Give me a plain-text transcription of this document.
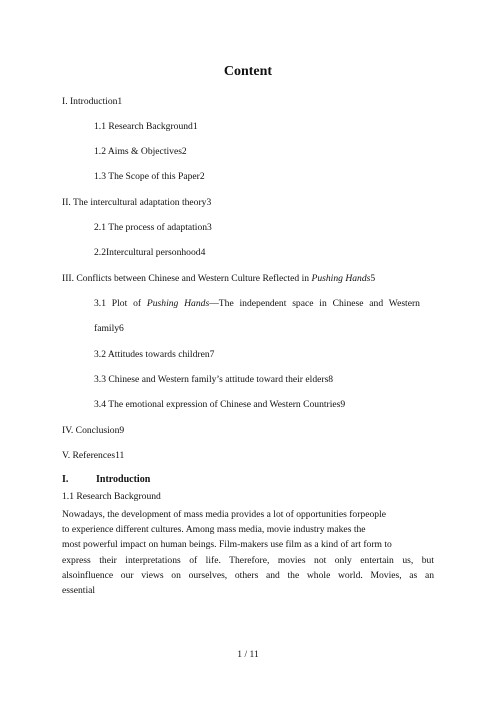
Content
I. Introduction1
1.1 Research Background1
1.2 Aims & Objectives2
1.3 The Scope of this Paper2
II. The intercultural adaptation theory3
2.1 The process of adaptation3
2.2Intercultural personhood4
III. Conflicts between Chinese and Western Culture Reflected in Pushing Hands5
3.1 Plot of Pushing Hands—The independent space in Chinese and Western
family6
3.2 Attitudes towards children7
3.3 Chinese and Western family’s attitude toward their elders8
3.4 The emotional expression of Chinese and Western Countries9
IV. Conclusion9
V. References11
I.	Introduction
1.1 Research Background
Nowadays, the development of mass media provides a lot of opportunities forpeople
to experience different cultures. Among mass media, movie industry makes the
most powerful impact on human beings. Film-makers use film as a kind of art form to
express their interpretations of life. Therefore, movies not only entertain us, but
alsoinfluence our views on ourselves, others and the whole world. Movies, as an
essential
1 / 11
